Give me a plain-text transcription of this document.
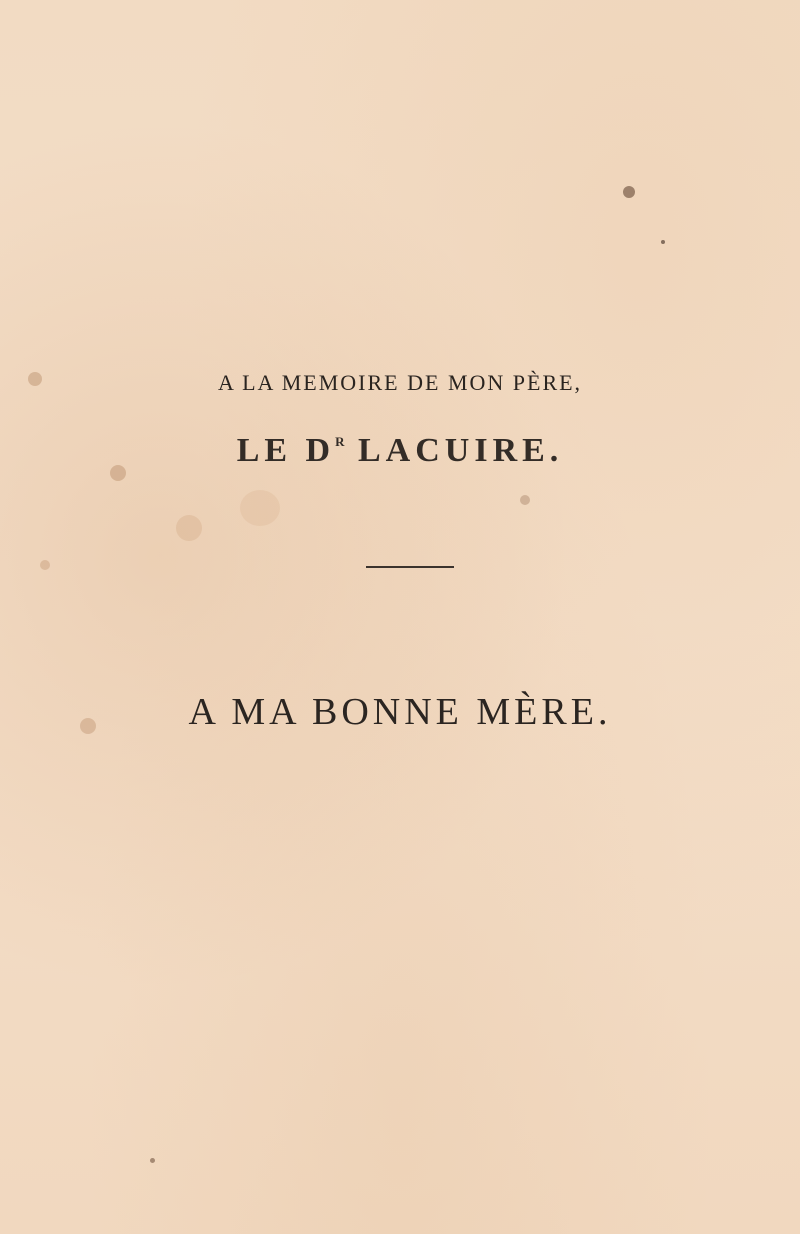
A LA MEMOIRE DE MON PÈRE,
LE $D^R$ LACUIRE.
A MA BONNE MÈRE.
